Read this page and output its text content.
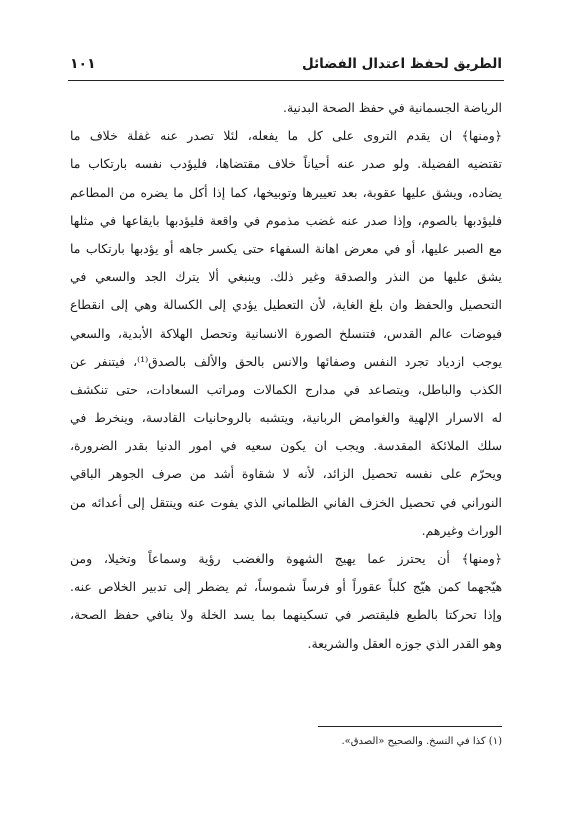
الطريق لحفظ اعتدال الفضائل
١٠١
الرياضة الجسمانية في حفظ الصحة البدنية.
﴿ومنها﴾ ان يقدم التروى على كل ما يفعله، لئلا تصدر عنه غفلة خلاف ما
تقتضيه الفضيلة. ولو صدر عنه أحياناً خلاف مقتضاها، فليؤدب نفسه بارتكاب ما
يضاده، ويشق عليها عقوبة، بعد تعييرها وتوبيخها، كما إذا أكل ما يضره من المطاعم
فليؤدبها بالصوم، وإذا صدر عنه غضب مذموم في واقعة فليؤدبها بايقاعها في مثلها
مع الصبر عليها، أو في معرض اهانة السفهاء حتى يكسر جاهه أو يؤدبها بارتكاب ما
يشق عليها من النذر والصدقة وغير ذلك. وينبغي ألا يترك الجد والسعي في
التحصيل والحفظ وان بلغ الغاية، لأن التعطيل يؤدي إلى الكسالة وهي إلى انقطاع
فيوضات عالم القدس، فتنسلخ الصورة الانسانية وتحصل الهلاكة الأبدية، والسعي
يوجب ازدياد تجرد النفس وصفائها والانس بالحق والألف بالصدق⁽¹⁾، فيتنفر عن
الكذب والباطل، ويتصاعد في مدارج الكمالات ومراتب السعادات، حتى تنكشف
له الاسرار الإلهية والغوامض الربانية، ويتشبه بالروحانيات القادسة، وينخرط في
سلك الملائكة المقدسة. ويجب ان يكون سعيه في امور الدنيا بقدر الضرورة،
ويحرّم على نفسه تحصيل الزائد، لأنه لا شقاوة أشد من صرف الجوهر الباقي
النوراني في تحصيل الخزف الفاني الظلماني الذي يفوت عنه وينتقل إلى أعدائه من
الوراث وغيرهم.
﴿ومنها﴾ أن يحترز عما يهيج الشهوة والغضب رؤية وسماعاً وتخيلا، ومن
هيّجهما كمن هيّج كلباً عقوراً أو فرساً شموساً، ثم يضطر إلى تدبير الخلاص عنه.
وإذا تحركتا بالطبع فليقتصر في تسكينهما بما يسد الخلة ولا ينافي حفظ الصحة،
وهو القدر الذي جوزه العقل والشريعة.
(١) كذا في النسخ. والصحيح «الصدق».
